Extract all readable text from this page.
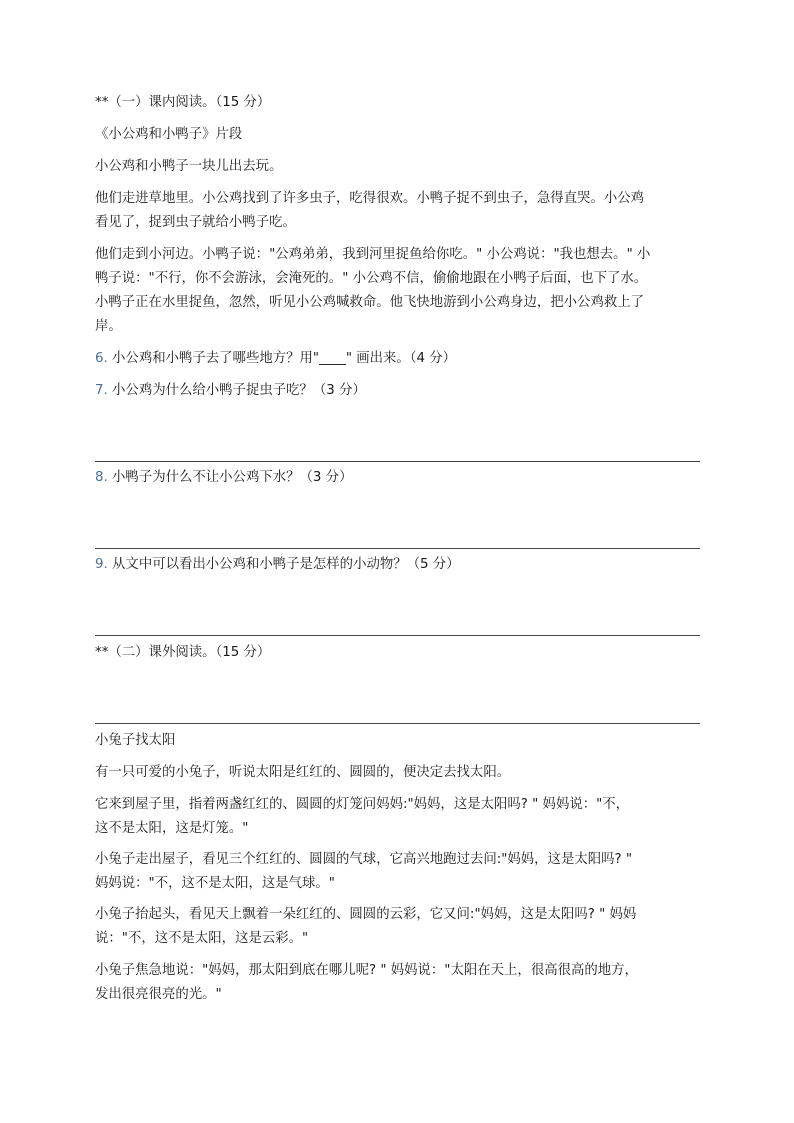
**（一）课内阅读。（15 分）
《小公鸡和小鸭子》片段
小公鸡和小鸭子一块儿出去玩。
他们走进草地里。小公鸡找到了许多虫子，吃得很欢。小鸭子捉不到虫子，急得直哭。小公鸡
看见了，捉到虫子就给小鸭子吃。
他们走到小河边。小鸭子说："公鸡弟弟，我到河里捉鱼给你吃。" 小公鸡说："我也想去。" 小
鸭子说："不行，你不会游泳，会淹死的。" 小公鸡不信，偷偷地跟在小鸭子后面，也下了水。
小鸭子正在水里捉鱼，忽然，听见小公鸡喊救命。他飞快地游到小公鸡身边，把小公鸡救上了
岸。
6. 小公鸡和小鸭子去了哪些地方？用"____" 画出来。（4 分）
7. 小公鸡为什么给小鸭子捉虫子吃？（3 分）
8. 小鸭子为什么不让小公鸡下水？（3 分）
9. 从文中可以看出小公鸡和小鸭子是怎样的小动物？（5 分）
**（二）课外阅读。（15 分）
小兔子找太阳
有一只可爱的小兔子，听说太阳是红红的、圆圆的，便决定去找太阳。
它来到屋子里，指着两盏红红的、圆圆的灯笼问妈妈:"妈妈，这是太阳吗? " 妈妈说："不，
这不是太阳，这是灯笼。"
小兔子走出屋子，看见三个红红的、圆圆的气球，它高兴地跑过去问:"妈妈，这是太阳吗? "
妈妈说："不，这不是太阳，这是气球。"
小兔子抬起头，看见天上飘着一朵红红的、圆圆的云彩，它又问:"妈妈，这是太阳吗? " 妈妈
说："不，这不是太阳，这是云彩。"
小兔子焦急地说："妈妈，那太阳到底在哪儿呢? " 妈妈说："太阳在天上，很高很高的地方，
发出很亮很亮的光。"
